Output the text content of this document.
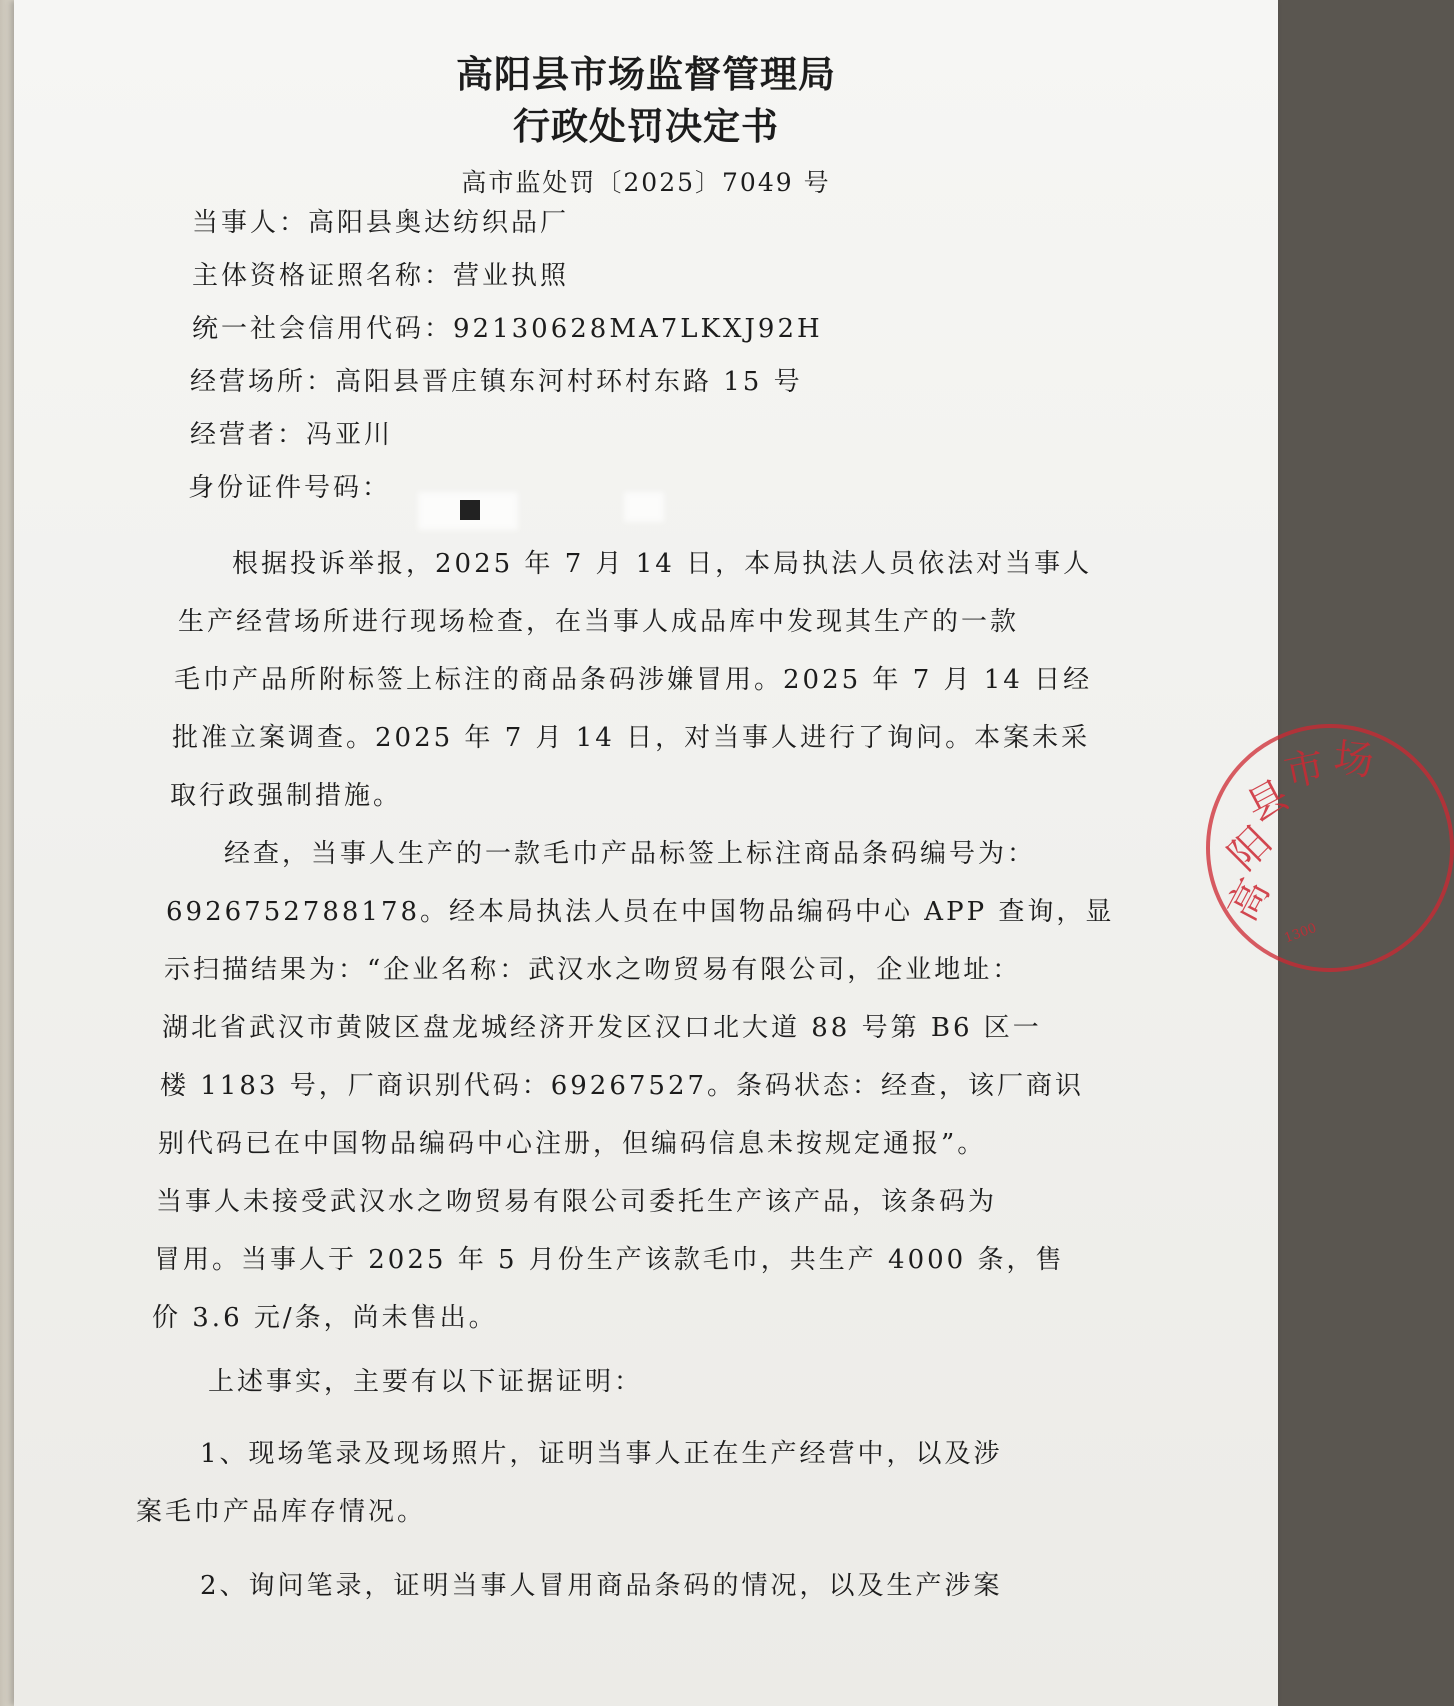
高阳县市场监督管理局
行政处罚决定书
高市监处罚〔2025〕7049 号
当事人：高阳县奥达纺织品厂
主体资格证照名称：营业执照
统一社会信用代码：92130628MA7LKXJ92H
经营场所：高阳县晋庄镇东河村环村东路 15 号
经营者：冯亚川
身份证件号码：
根据投诉举报，2025 年 7 月 14 日，本局执法人员依法对当事人
生产经营场所进行现场检查，在当事人成品库中发现其生产的一款
毛巾产品所附标签上标注的商品条码涉嫌冒用。2025 年 7 月 14 日经
批准立案调查。2025 年 7 月 14 日，对当事人进行了询问。本案未采
取行政强制措施。
经查，当事人生产的一款毛巾产品标签上标注商品条码编号为：
6926752788178。经本局执法人员在中国物品编码中心 APP 查询，显
示扫描结果为：“企业名称：武汉水之吻贸易有限公司，企业地址：
湖北省武汉市黄陂区盘龙城经济开发区汉口北大道 88 号第 B6 区一
楼 1183 号，厂商识别代码：69267527。条码状态：经查，该厂商识
别代码已在中国物品编码中心注册，但编码信息未按规定通报”。
当事人未接受武汉水之吻贸易有限公司委托生产该产品，该条码为
冒用。当事人于 2025 年 5 月份生产该款毛巾，共生产 4000 条，售
价 3.6 元/条，尚未售出。
上述事实，主要有以下证据证明：
1、现场笔录及现场照片，证明当事人正在生产经营中，以及涉
案毛巾产品库存情况。
2、询问笔录，证明当事人冒用商品条码的情况，以及生产涉案
高
阳
县
市 场
1300
